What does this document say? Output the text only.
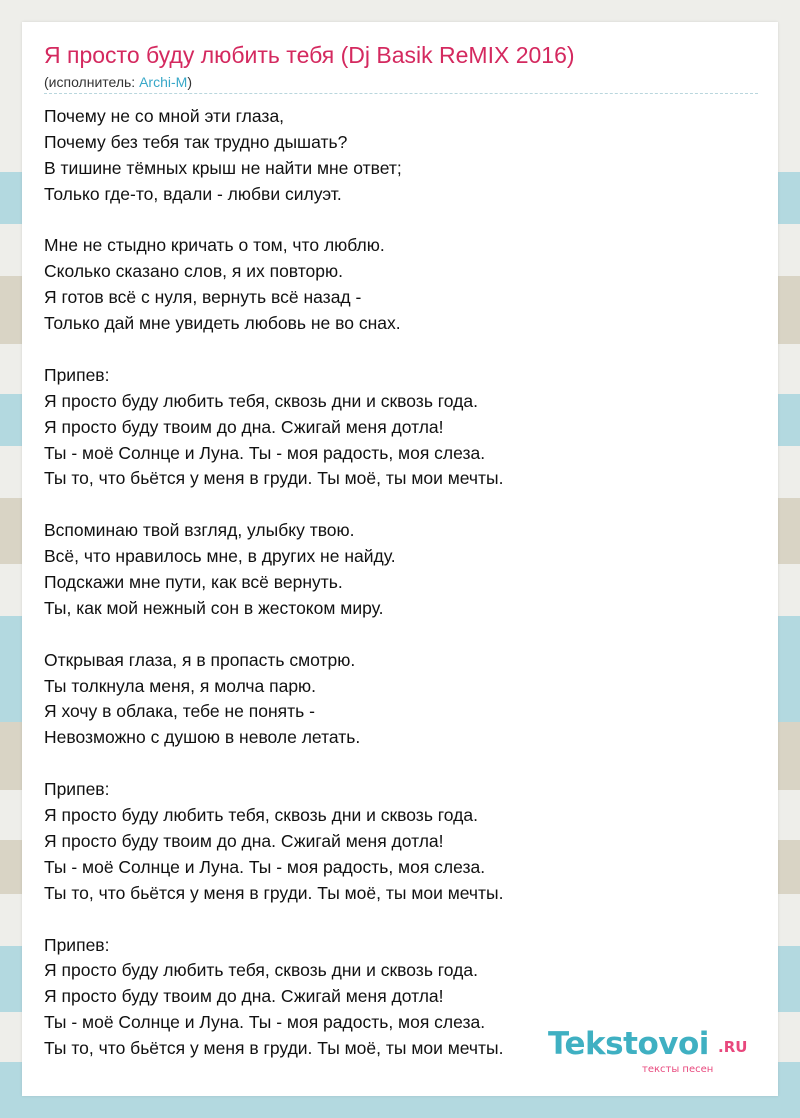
Я просто буду любить тебя (Dj Basik ReMIX 2016)
(исполнитель: Archi-M)
Почему не со мной эти глаза,
Почему без тебя так трудно дышать?
В тишине тёмных крыш не найти мне ответ;
Только где-то, вдали - любви силуэт.
Мне не стыдно кричать о том, что люблю.
Сколько сказано слов, я их повторю.
Я готов всё с нуля, вернуть всё назад -
Только дай мне увидеть любовь не во снах.
Припев:
Я просто буду любить тебя, сквозь дни и сквозь года.
Я просто буду твоим до дна. Сжигай меня дотла!
Ты - моё Солнце и Луна. Ты - моя радость, моя слеза.
Ты то, что бьётся у меня в груди. Ты моё, ты мои мечты.
Вспоминаю твой взгляд, улыбку твою.
Всё, что нравилось мне, в других не найду.
Подскажи мне пути, как всё вернуть.
Ты, как мой нежный сон в жестоком миру.
Открывая глаза, я в пропасть смотрю.
Ты толкнула меня, я молча парю.
Я хочу в облака, тебе не понять -
Невозможно с душою в неволе летать.
Припев:
Я просто буду любить тебя, сквозь дни и сквозь года.
Я просто буду твоим до дна. Сжигай меня дотла!
Ты - моё Солнце и Луна. Ты - моя радость, моя слеза.
Ты то, что бьётся у меня в груди. Ты моё, ты мои мечты.
Припев:
Я просто буду любить тебя, сквозь дни и сквозь года.
Я просто буду твоим до дна. Сжигай меня дотла!
Ты - моё Солнце и Луна. Ты - моя радость, моя слеза.
Ты то, что бьётся у меня в груди. Ты моё, ты мои мечты.	Tekstovoi .RU
тексты песен
